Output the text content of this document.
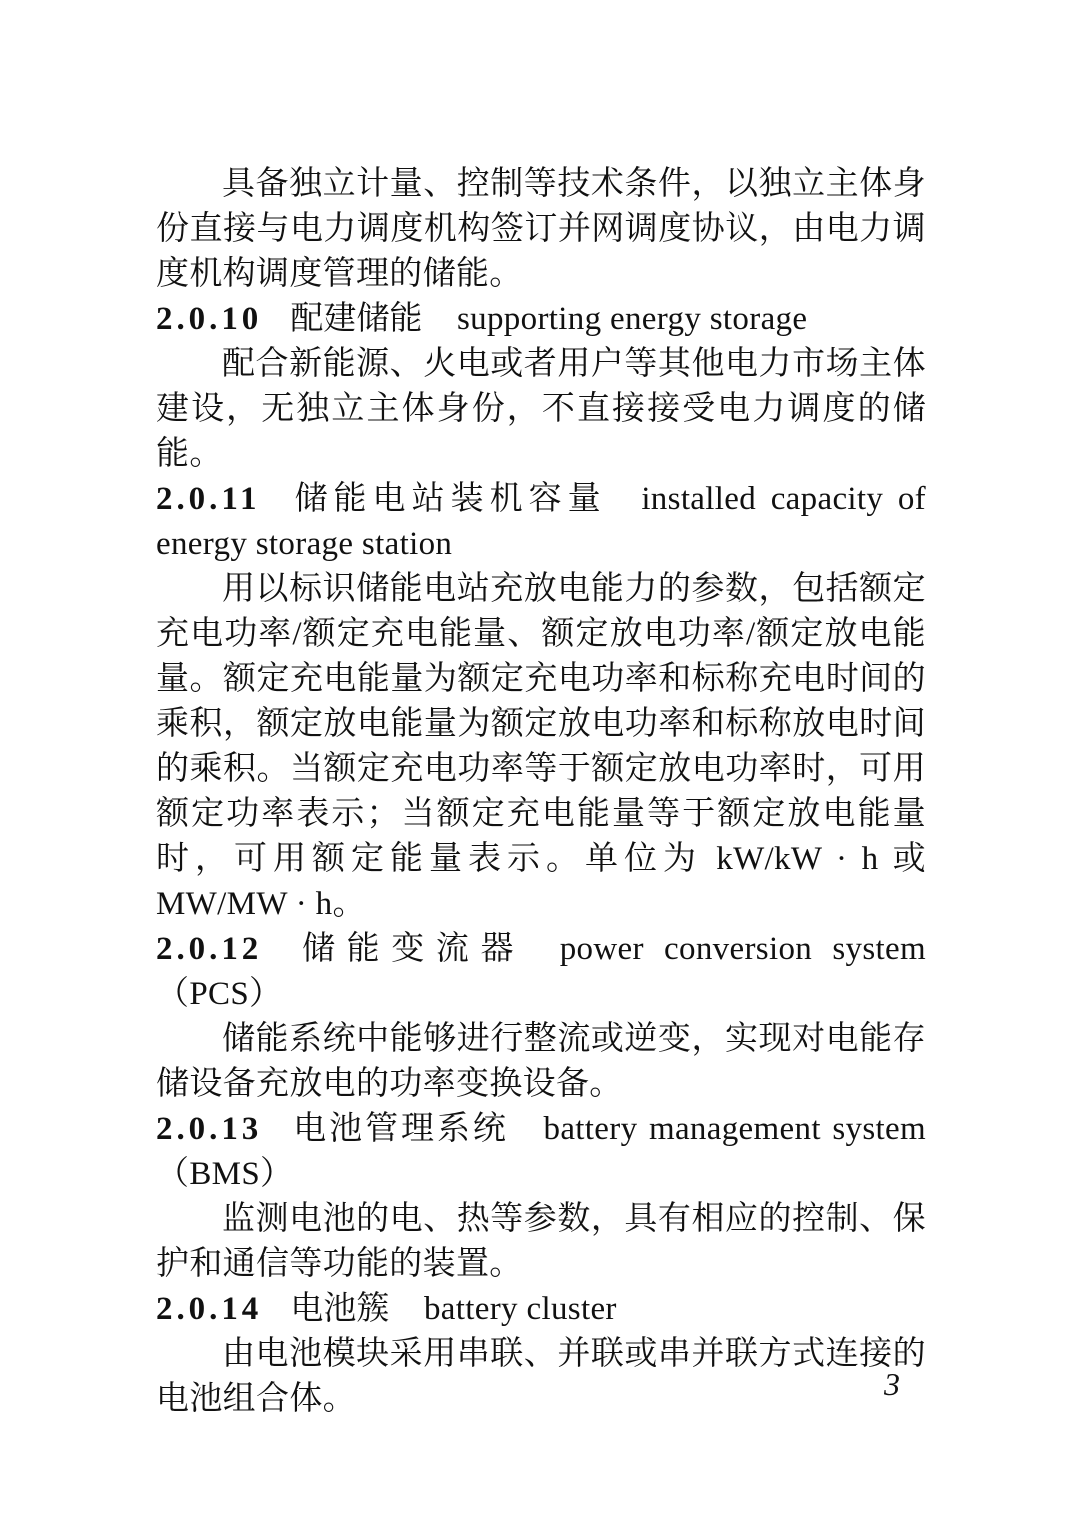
具备独立计量、控制等技术条件，以独立主体身份直接与电力调度机构签订并网调度协议，由电力调度机构调度管理的储能。

2.0.10 配建储能 supporting energy storage

配合新能源、火电或者用户等其他电力市场主体建设，无独立主体身份，不直接接受电力调度的储能。

2.0.11 储能电站装机容量 installed capacity of energy storage station

用以标识储能电站充放电能力的参数，包括额定充电功率/额定充电能量、额定放电功率/额定放电能量。额定充电能量为额定充电功率和标称充电时间的乘积，额定放电能量为额定放电功率和标称放电时间的乘积。当额定充电功率等于额定放电功率时，可用额定功率表示；当额定充电能量等于额定放电能量时，可用额定能量表示。单位为 kW/kW · h 或 MW/MW · h。

2.0.12 储能变流器 power conversion system（PCS）

储能系统中能够进行整流或逆变，实现对电能存储设备充放电的功率变换设备。

2.0.13 电池管理系统 battery management system（BMS）

监测电池的电、热等参数，具有相应的控制、保护和通信等功能的装置。

2.0.14 电池簇 battery cluster

由电池模块采用串联、并联或串并联方式连接的电池组合体。	3
